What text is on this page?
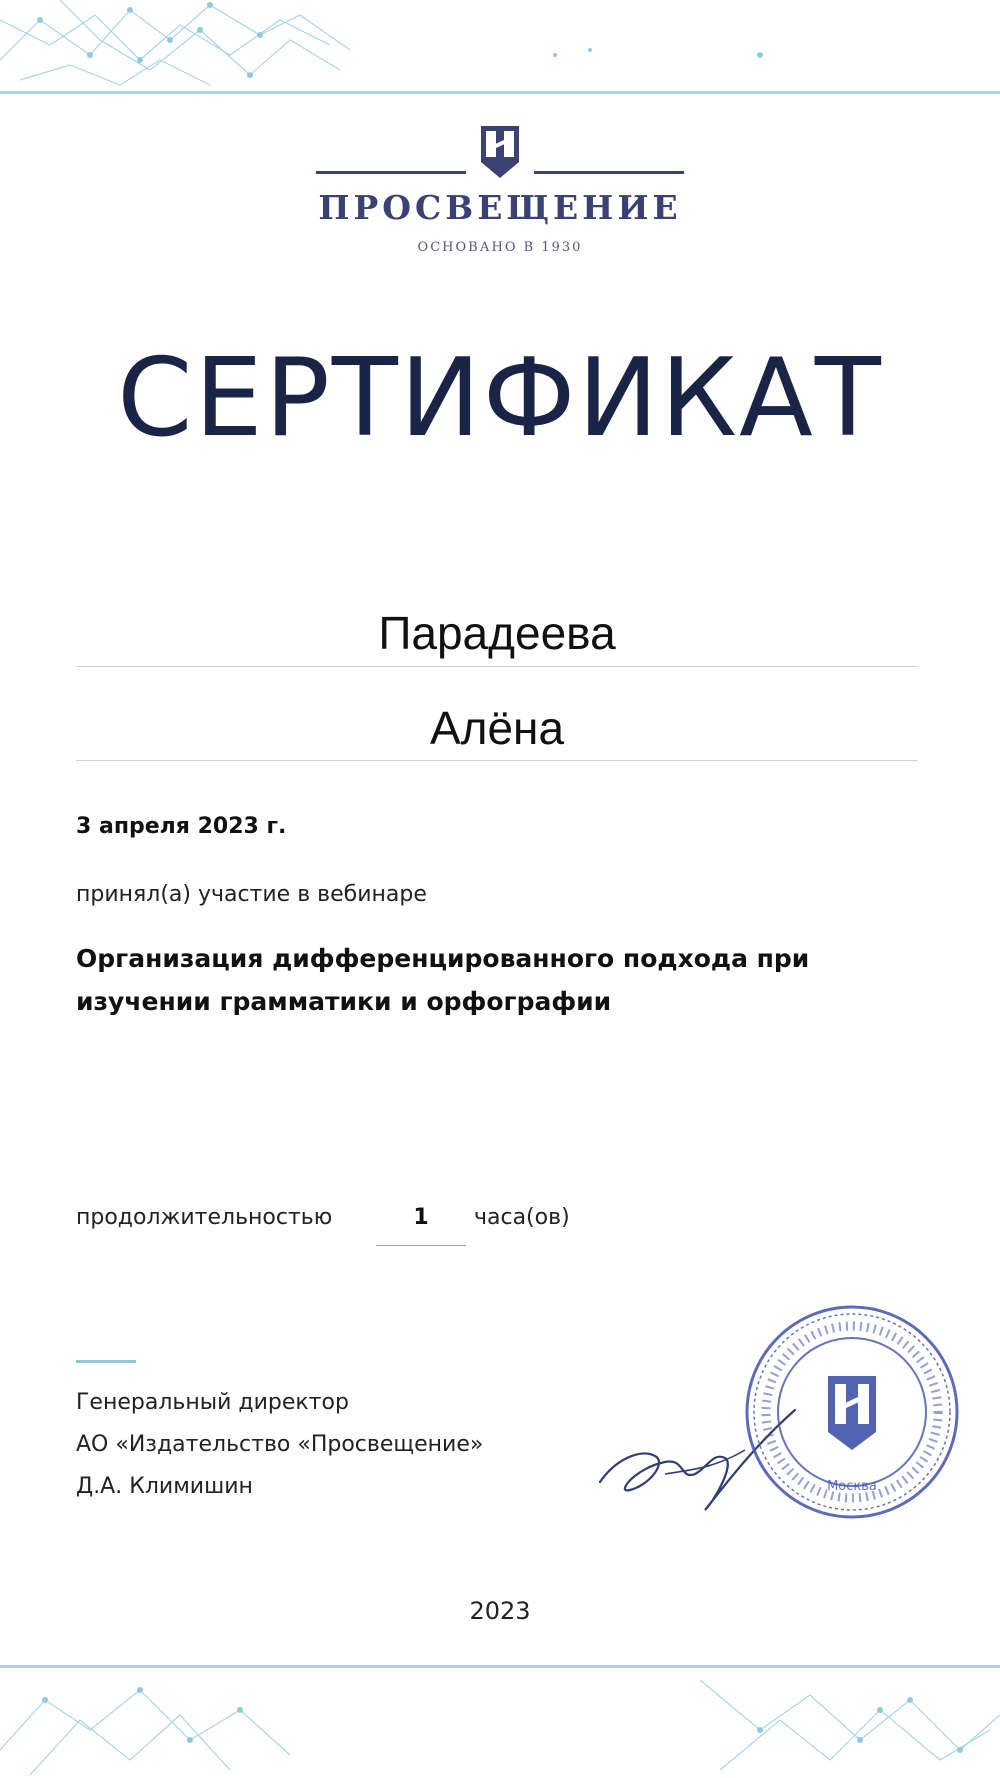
ПРОСВЕЩЕНИЕ
ОСНОВАНО В 1930
СЕРТИФИКАТ
Парадеева
Алёна
3 апреля 2023 г.
принял(а) участие в вебинаре
Организация дифференцированного подхода при
изучении грамматики и орфографии
продолжительностью	1	часа(ов)
Генеральный директор
АО «Издательство «Просвещение»
Д.А. Климишин	Москва
2023
